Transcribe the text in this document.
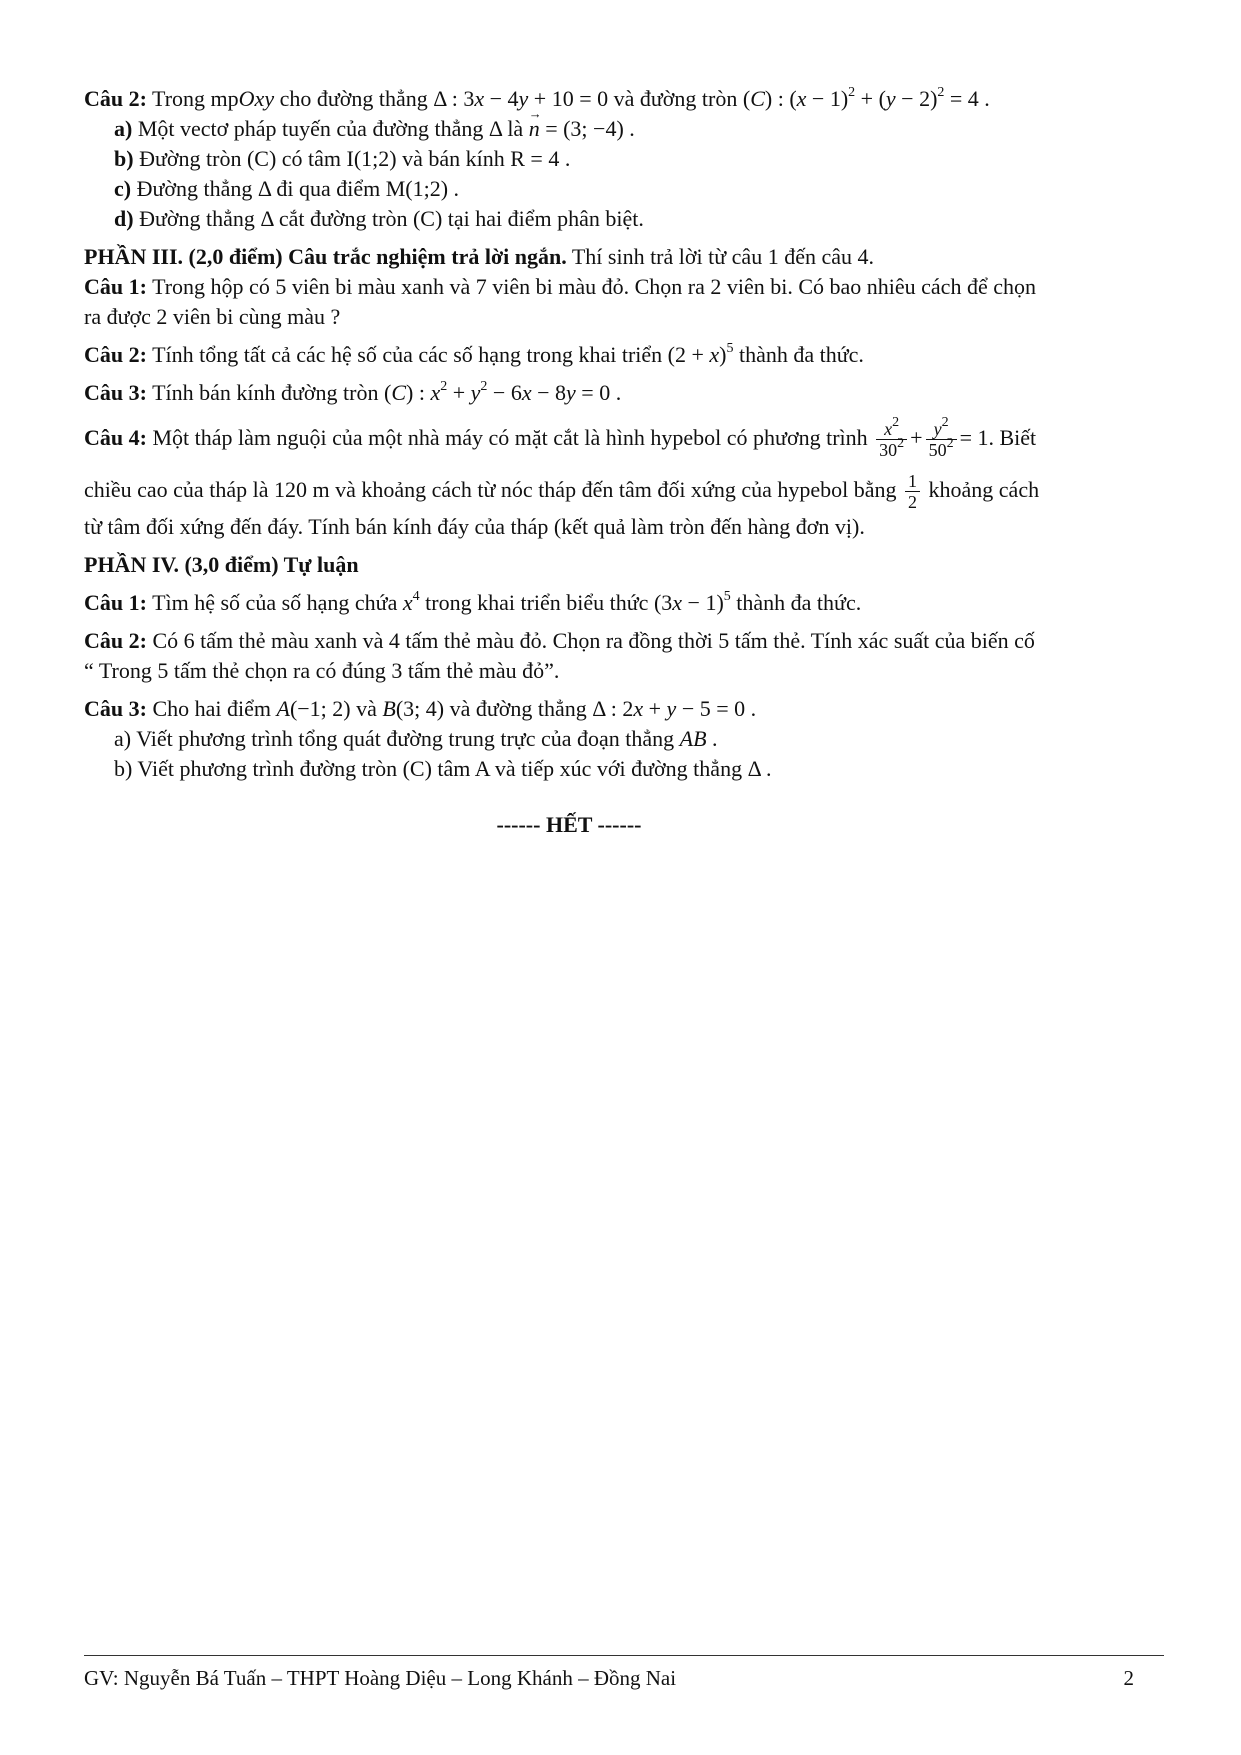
Câu 2: Trong mpOxy cho đường thẳng Δ : 3x − 4y + 10 = 0 và đường tròn (C) : $(x - 1)^2 + (y - 2)^2 = 4$ .

a) Một vectơ pháp tuyến của đường thẳng Δ là → n = (3; −4) .

b) Đường tròn (C) có tâm I(1;2) và bán kính R = 4 .

c) Đường thẳng Δ đi qua điểm M(1;2) .

d) Đường thẳng Δ cắt đường tròn (C) tại hai điểm phân biệt.

PHẦN III. (2,0 điểm) Câu trắc nghiệm trả lời ngắn. Thí sinh trả lời từ câu 1 đến câu 4.

Câu 1: Trong hộp có 5 viên bi màu xanh và 7 viên bi màu đỏ. Chọn ra 2 viên bi. Có bao nhiêu cách để chọn

ra được 2 viên bi cùng màu ?

Câu 2: Tính tổng tất cả các hệ số của các số hạng trong khai triển $(2 + x)^5$ thành đa thức.

Câu 3: Tính bán kính đường tròn (C) : $x^2 + y^2 - 6x - 8y = 0$ .

Câu 4: Một tháp làm nguội của một nhà máy có mặt cắt là hình hypebol có phương trình $\frac{x^2}{30^2} + \frac{y^2}{50^2} = 1$. Biết

chiều cao của tháp là 120 m và khoảng cách từ nóc tháp đến tâm đối xứng của hypebol bằng $\frac{1}{2}$ khoảng cách

từ tâm đối xứng đến đáy. Tính bán kính đáy của tháp (kết quả làm tròn đến hàng đơn vị).

PHẦN IV. (3,0 điểm) Tự luận

Câu 1: Tìm hệ số của số hạng chứa $x^4$ trong khai triển biểu thức $(3x - 1)^5$ thành đa thức.

Câu 2: Có 6 tấm thẻ màu xanh và 4 tấm thẻ màu đỏ. Chọn ra đồng thời 5 tấm thẻ. Tính xác suất của biến cố

“ Trong 5 tấm thẻ chọn ra có đúng 3 tấm thẻ màu đỏ”.

Câu 3: Cho hai điểm A(−1; 2) và B(3; 4) và đường thẳng Δ : 2x + y − 5 = 0 .

a) Viết phương trình tổng quát đường trung trực của đoạn thẳng AB .

b) Viết phương trình đường tròn (C) tâm A và tiếp xúc với đường thẳng Δ .

------ HẾT ------

GV: Nguyễn Bá Tuấn – THPT Hoàng Diệu – Long Khánh – Đồng Nai	2
